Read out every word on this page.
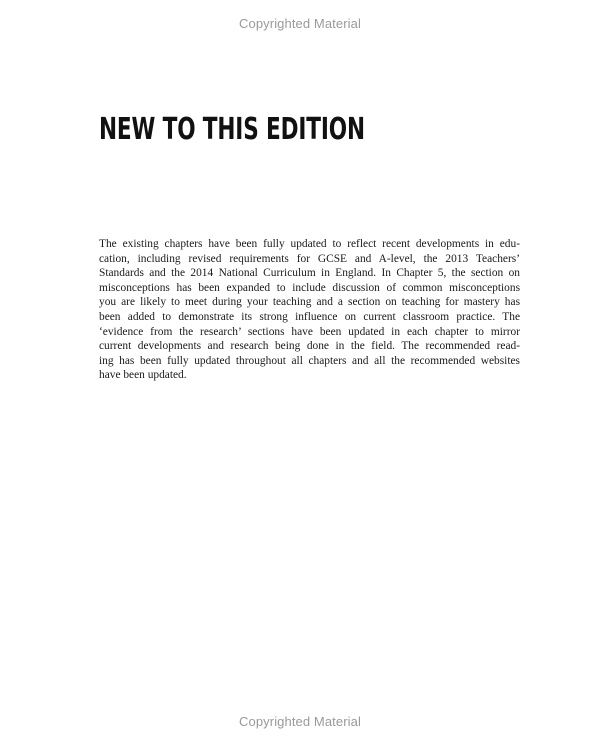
Copyrighted Material
NEW TO THIS EDITION

The existing chapters have been fully updated to reflect recent developments in edu-
cation, including revised requirements for GCSE and A-level, the 2013 Teachers’
Standards and the 2014 National Curriculum in England. In Chapter 5, the section on
misconceptions has been expanded to include discussion of common misconceptions
you are likely to meet during your teaching and a section on teaching for mastery has
been added to demonstrate its strong influence on current classroom practice. The
‘evidence from the research’ sections have been updated in each chapter to mirror
current developments and research being done in the field. The recommended read-
ing has been fully updated throughout all chapters and all the recommended websites
have been updated.

Copyrighted Material
